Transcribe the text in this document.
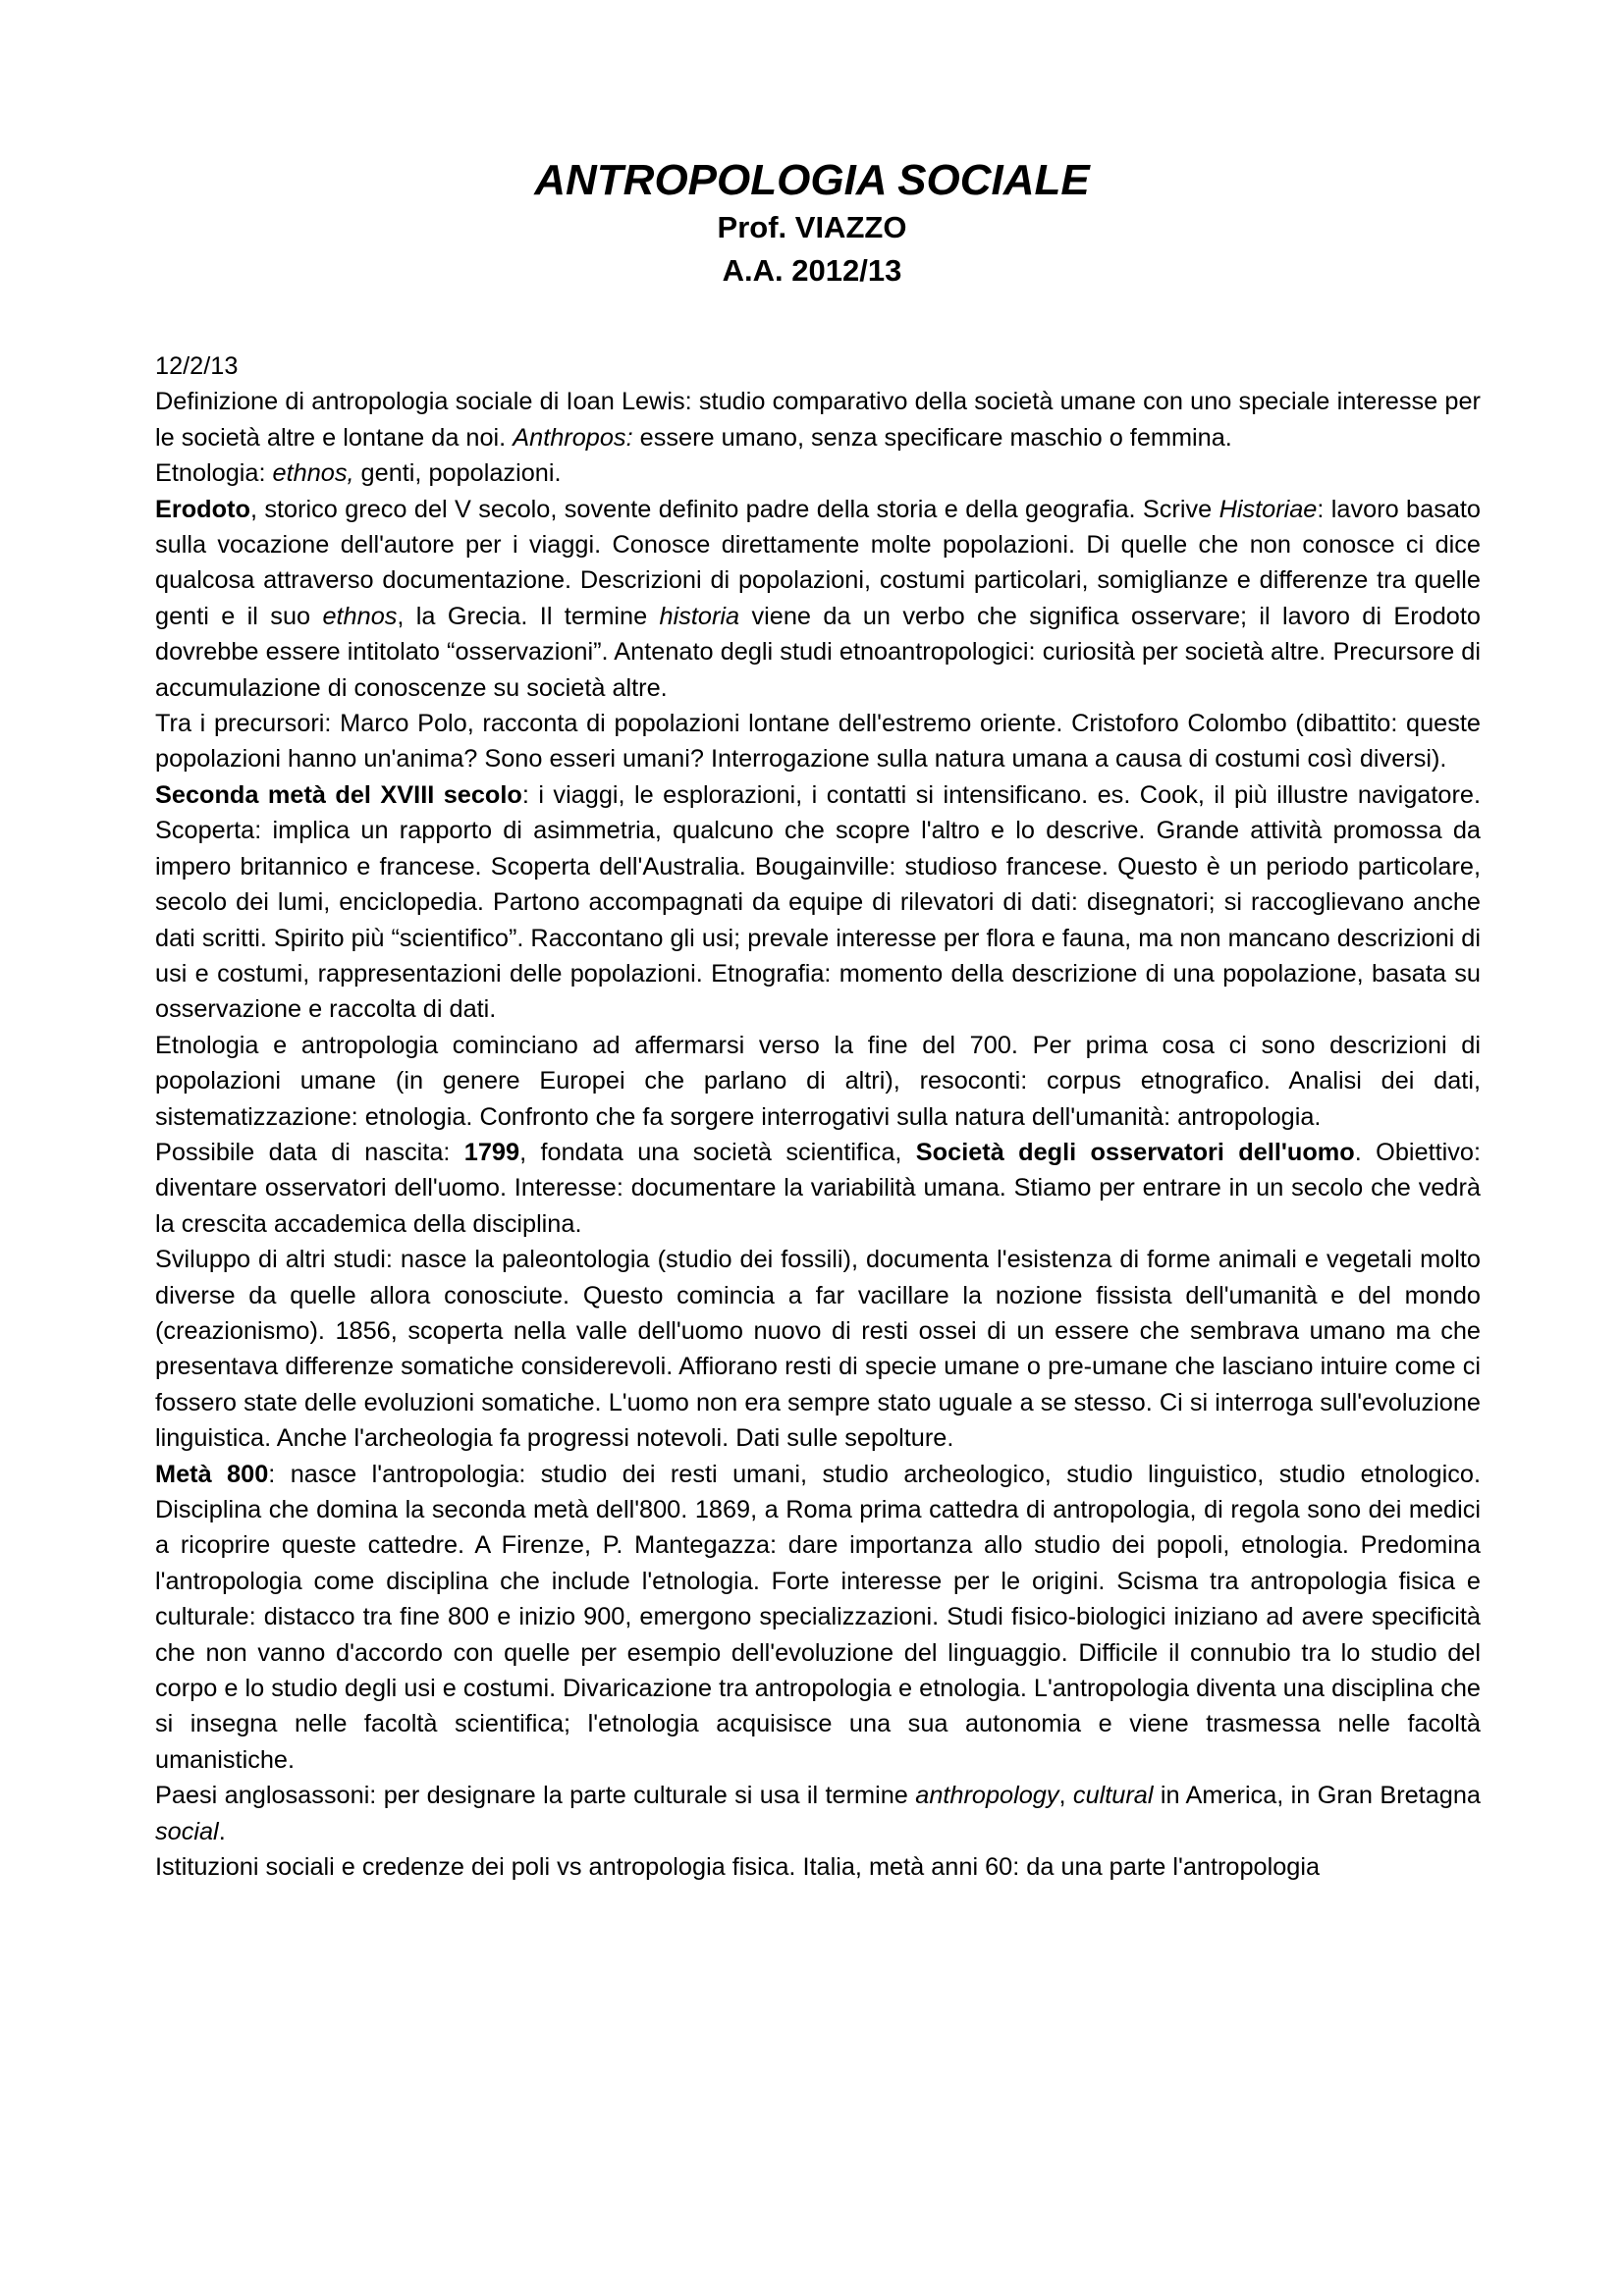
ANTROPOLOGIA SOCIALE
Prof. VIAZZO
A.A. 2012/13

12/2/13

Definizione di antropologia sociale di Ioan Lewis: studio comparativo della società umane con uno speciale interesse per le società altre e lontane da noi. Anthropos: essere umano, senza specificare maschio o femmina.

Etnologia: ethnos, genti, popolazioni.

Erodoto, storico greco del V secolo, sovente definito padre della storia e della geografia. Scrive Historiae: lavoro basato sulla vocazione dell'autore per i viaggi. Conosce direttamente molte popolazioni. Di quelle che non conosce ci dice qualcosa attraverso documentazione. Descrizioni di popolazioni, costumi particolari, somiglianze e differenze tra quelle genti e il suo ethnos, la Grecia. Il termine historia viene da un verbo che significa osservare; il lavoro di Erodoto dovrebbe essere intitolato “osservazioni”. Antenato degli studi etnoantropologici: curiosità per società altre. Precursore di accumulazione di conoscenze su società altre.

Tra i precursori: Marco Polo, racconta di popolazioni lontane dell'estremo oriente. Cristoforo Colombo (dibattito: queste popolazioni hanno un'anima? Sono esseri umani? Interrogazione sulla natura umana a causa di costumi così diversi).

Seconda metà del XVIII secolo: i viaggi, le esplorazioni, i contatti si intensificano. es. Cook, il più illustre navigatore. Scoperta: implica un rapporto di asimmetria, qualcuno che scopre l'altro e lo descrive. Grande attività promossa da impero britannico e francese. Scoperta dell'Australia. Bougainville: studioso francese. Questo è un periodo particolare, secolo dei lumi, enciclopedia. Partono accompagnati da equipe di rilevatori di dati: disegnatori; si raccoglievano anche dati scritti. Spirito più “scientifico”. Raccontano gli usi; prevale interesse per flora e fauna, ma non mancano descrizioni di usi e costumi, rappresentazioni delle popolazioni. Etnografia: momento della descrizione di una popolazione, basata su osservazione e raccolta di dati.

Etnologia e antropologia cominciano ad affermarsi verso la fine del 700. Per prima cosa ci sono descrizioni di popolazioni umane (in genere Europei che parlano di altri), resoconti: corpus etnografico. Analisi dei dati, sistematizzazione: etnologia. Confronto che fa sorgere interrogativi sulla natura dell'umanità: antropologia.

Possibile data di nascita: 1799, fondata una società scientifica, Società degli osservatori dell'uomo. Obiettivo: diventare osservatori dell'uomo. Interesse: documentare la variabilità umana. Stiamo per entrare in un secolo che vedrà la crescita accademica della disciplina.

Sviluppo di altri studi: nasce la paleontologia (studio dei fossili), documenta l'esistenza di forme animali e vegetali molto diverse da quelle allora conosciute. Questo comincia a far vacillare la nozione fissista dell'umanità e del mondo (creazionismo). 1856, scoperta nella valle dell'uomo nuovo di resti ossei di un essere che sembrava umano ma che presentava differenze somatiche considerevoli. Affiorano resti di specie umane o pre-umane che lasciano intuire come ci fossero state delle evoluzioni somatiche. L'uomo non era sempre stato uguale a se stesso. Ci si interroga sull'evoluzione linguistica. Anche l'archeologia fa progressi notevoli. Dati sulle sepolture.

Metà 800: nasce l'antropologia: studio dei resti umani, studio archeologico, studio linguistico, studio etnologico. Disciplina che domina la seconda metà dell'800. 1869, a Roma prima cattedra di antropologia, di regola sono dei medici a ricoprire queste cattedre. A Firenze, P. Mantegazza: dare importanza allo studio dei popoli, etnologia. Predomina l'antropologia come disciplina che include l'etnologia. Forte interesse per le origini. Scisma tra antropologia fisica e culturale: distacco tra fine 800 e inizio 900, emergono specializzazioni. Studi fisico-biologici iniziano ad avere specificità che non vanno d'accordo con quelle per esempio dell'evoluzione del linguaggio. Difficile il connubio tra lo studio del corpo e lo studio degli usi e costumi. Divaricazione tra antropologia e etnologia. L'antropologia diventa una disciplina che si insegna nelle facoltà scientifica; l'etnologia acquisisce una sua autonomia e viene trasmessa nelle facoltà umanistiche.

Paesi anglosassoni: per designare la parte culturale si usa il termine anthropology, cultural in America, in Gran Bretagna social.

Istituzioni sociali e credenze dei poli vs antropologia fisica. Italia, metà anni 60: da una parte l'antropologia
